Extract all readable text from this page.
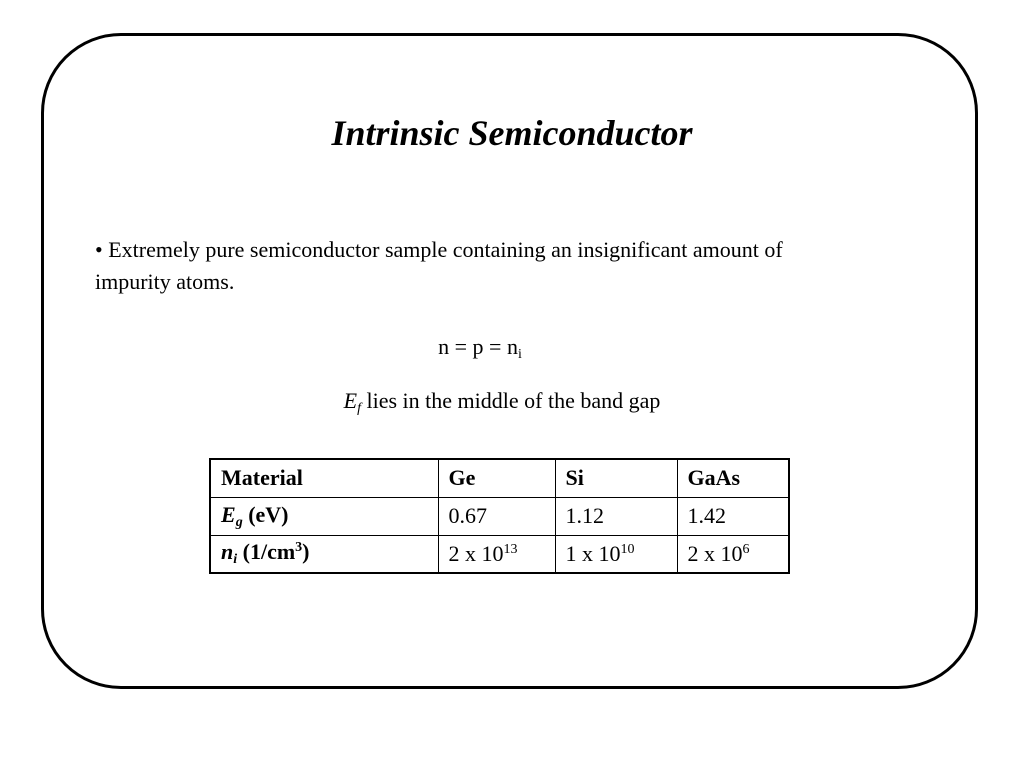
Intrinsic Semiconductor
• Extremely pure semiconductor sample containing an insignificant amount of impurity atoms.
$n = p = n_i$
$E_f$ lies in the middle of the band gap
Material	Ge	Si	GaAs
$E_g$ (eV)	0.67	1.12	1.42
$n_i$ $(1/cm^3)$	2 x $10^{13}$	1 x $10^{10}$	2 x $10^6$
